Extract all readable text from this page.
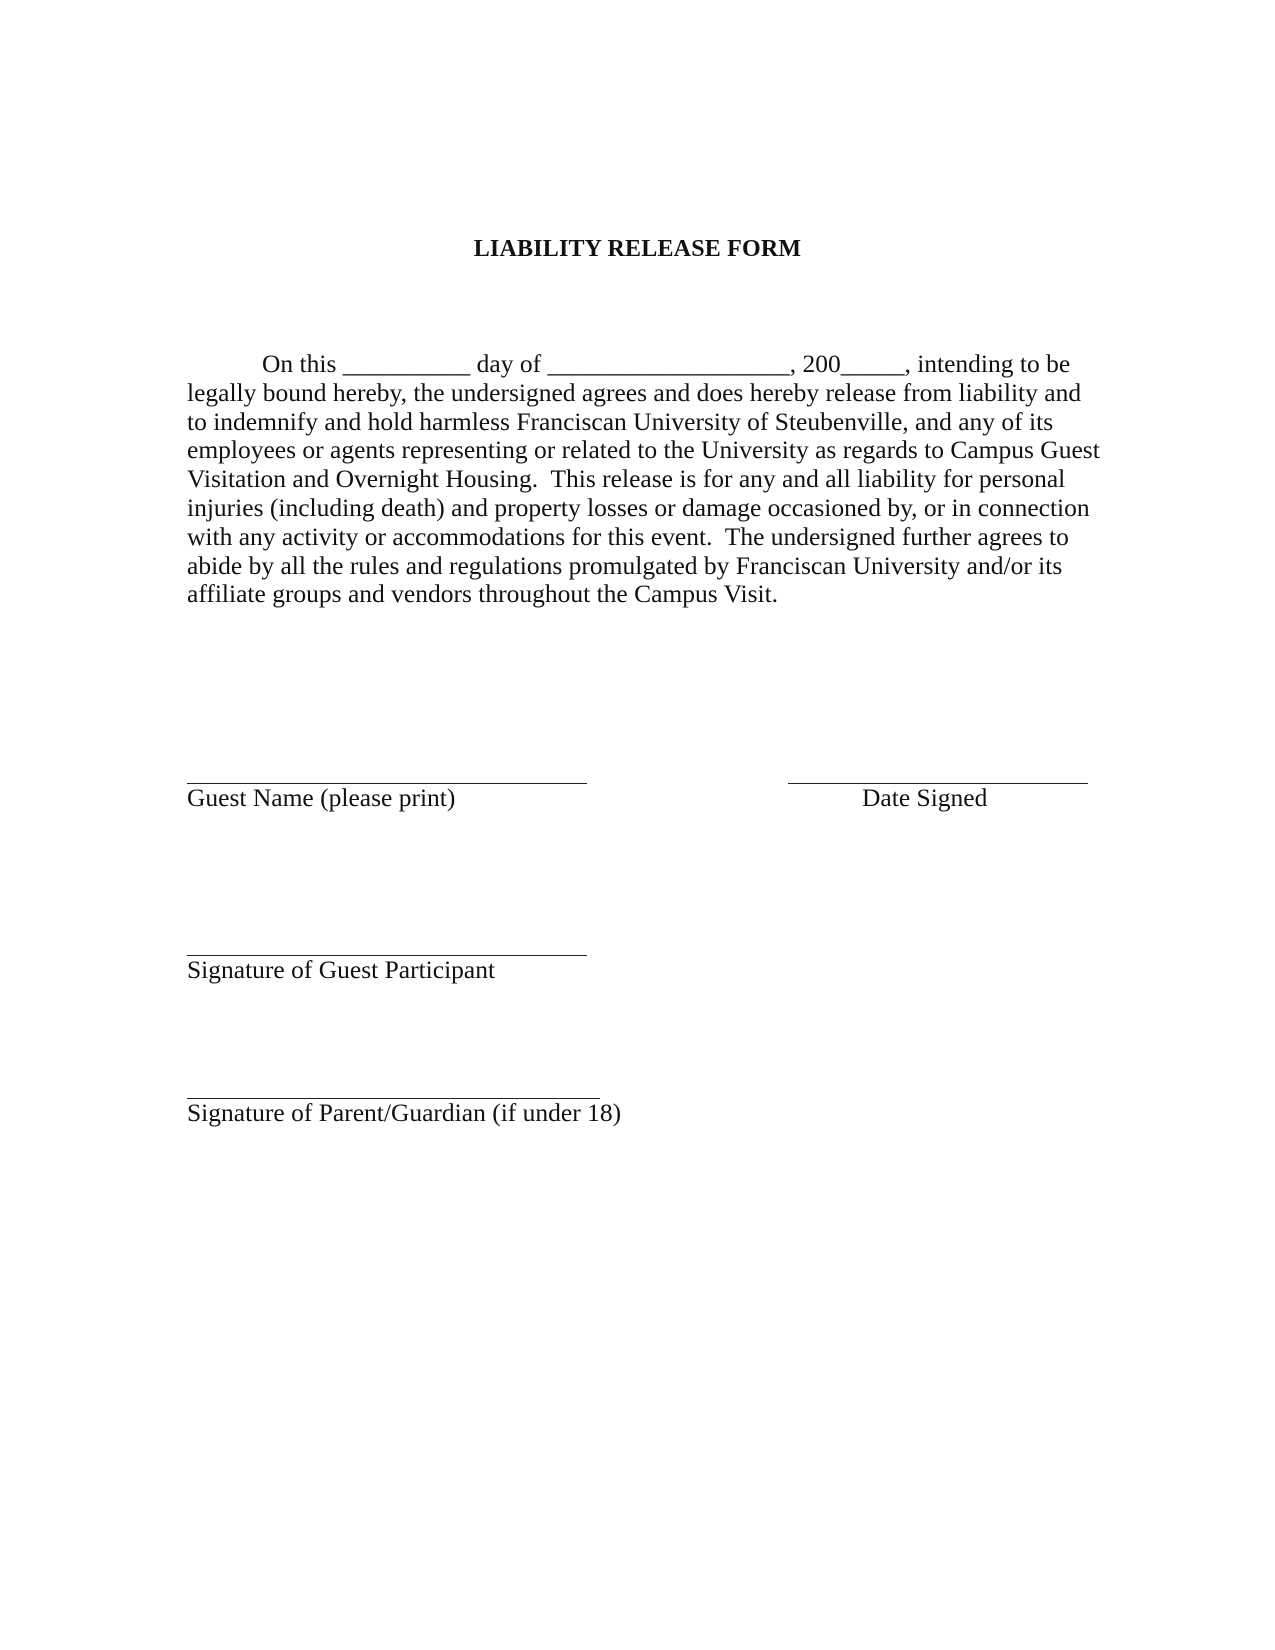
LIABILITY RELEASE FORM
On this __________ day of ___________________, 200_____, intending to be
legally bound hereby, the undersigned agrees and does hereby release from liability and
to indemnify and hold harmless Franciscan University of Steubenville, and any of its
employees or agents representing or related to the University as regards to Campus Guest
Visitation and Overnight Housing.  This release is for any and all liability for personal
injuries (including death) and property losses or damage occasioned by, or in connection
with any activity or accommodations for this event.  The undersigned further agrees to
abide by all the rules and regulations promulgated by Franciscan University and/or its
affiliate groups and vendors throughout the Campus Visit.
Guest Name (please print)	Date Signed
Signature of Guest Participant
Signature of Parent/Guardian (if under 18)
